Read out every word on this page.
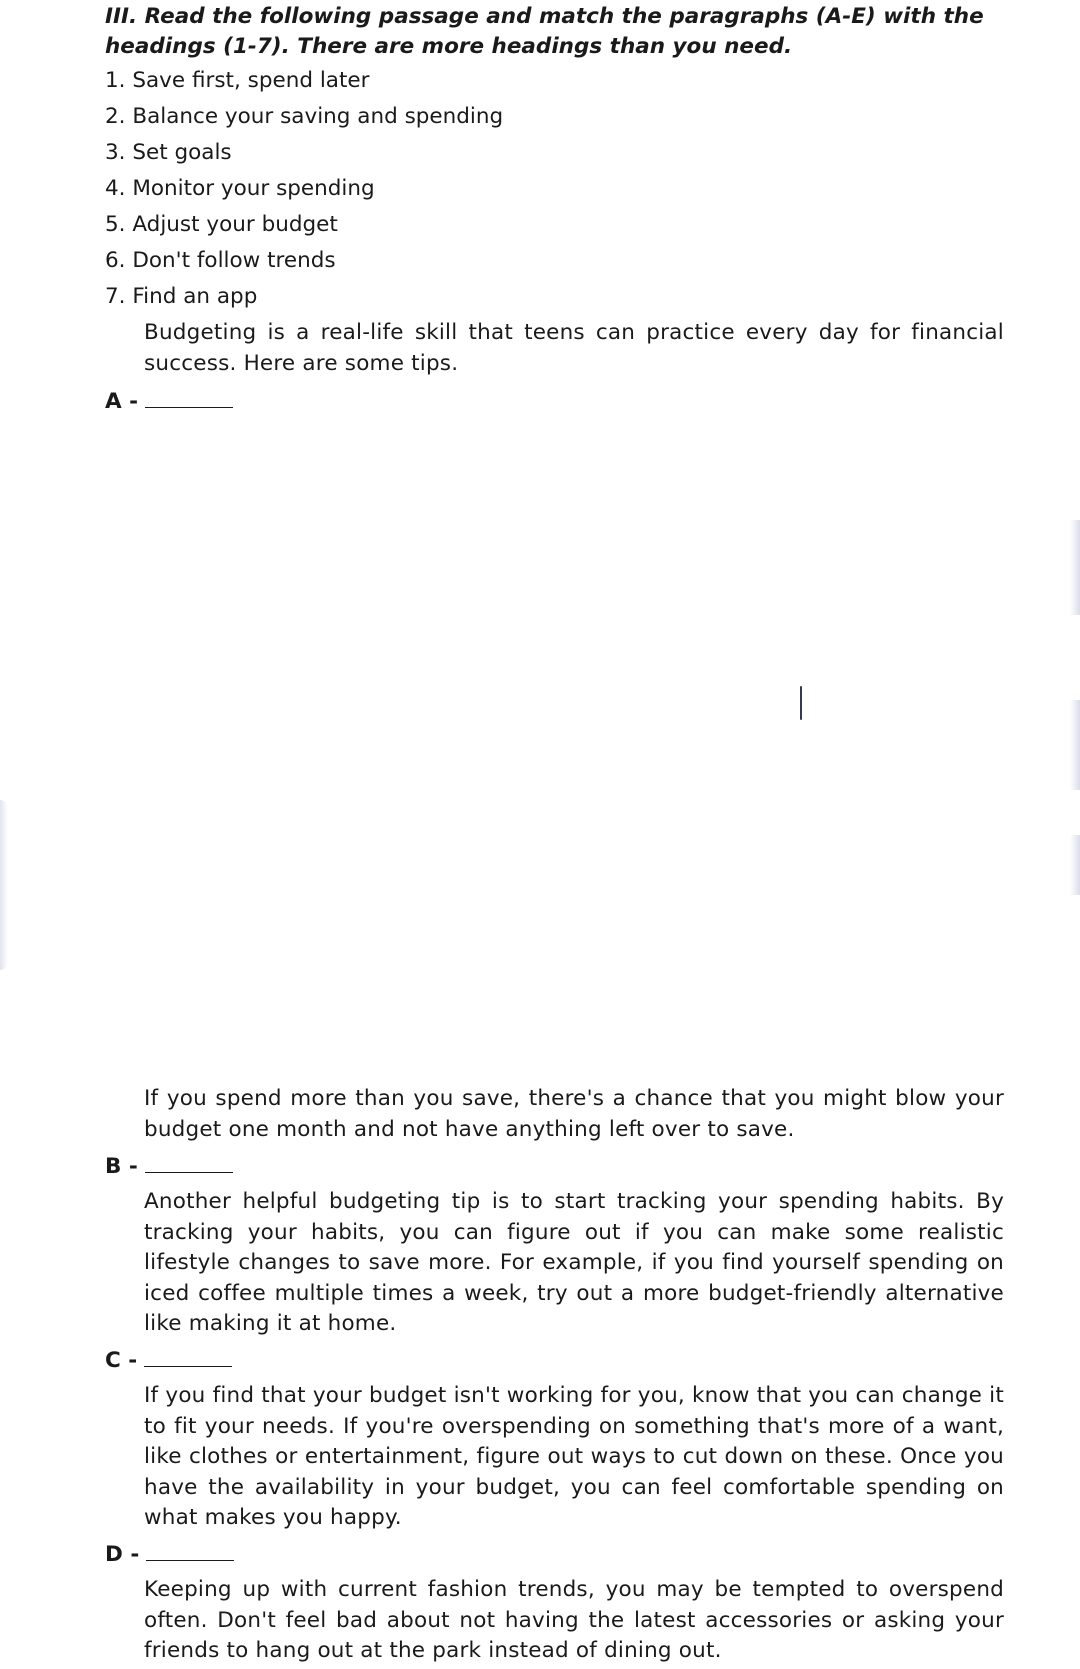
III. Read the following passage and match the paragraphs (A-E) with the headings (1-7). There are more headings than you need.

1. Save first, spend later
2. Balance your saving and spending
3. Set goals
4. Monitor your spending
5. Adjust your budget
6. Don't follow trends
7. Find an app

Budgeting is a real-life skill that teens can practice every day for financial success. Here are some tips.

A -

If you spend more than you save, there's a chance that you might blow your budget one month and not have anything left over to save.

B -

Another helpful budgeting tip is to start tracking your spending habits. By tracking your habits, you can figure out if you can make some realistic lifestyle changes to save more. For example, if you find yourself spending on iced coffee multiple times a week, try out a more budget-friendly alternative like making it at home.

C -

If you find that your budget isn't working for you, know that you can change it to fit your needs. If you're overspending on something that's more of a want, like clothes or entertainment, figure out ways to cut down on these. Once you have the availability in your budget, you can feel comfortable spending on what makes you happy.

D -

Keeping up with current fashion trends, you may be tempted to overspend often. Don't feel bad about not having the latest accessories or asking your friends to hang out at the park instead of dining out.
